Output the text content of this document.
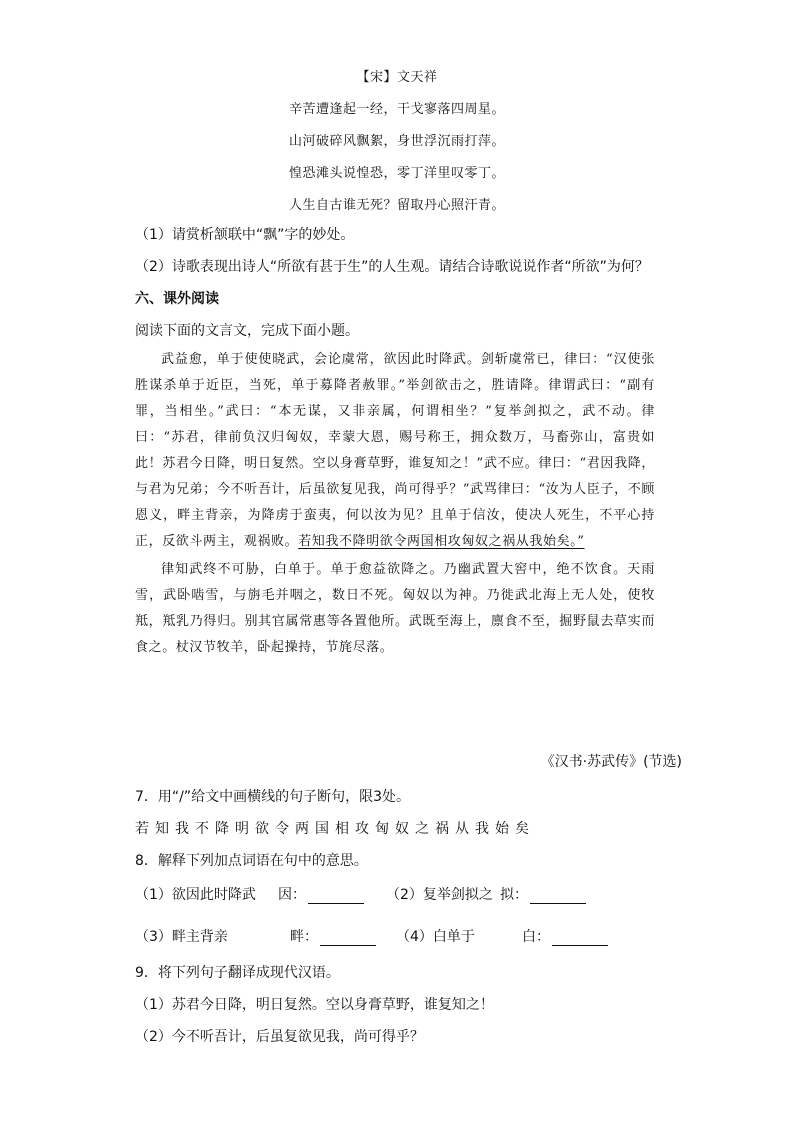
【宋】文天祥
辛苦遭逢起一经，干戈寥落四周星。
山河破碎风飘絮，身世浮沉雨打萍。
惶恐滩头说惶恐，零丁洋里叹零丁。
人生自古谁无死？留取丹心照汗青。
（1）请赏析颔联中“飘”字的妙处。
（2）诗歌表现出诗人“所欲有甚于生”的人生观。请结合诗歌说说作者“所欲”为何？
六、课外阅读
阅读下面的文言文，完成下面小题。

武益愈，单于使使晓武，会论虞常，欲因此时降武。剑斩虞常已，律曰：“汉使张胜谋杀单于近臣，当死，单于募降者赦罪。”举剑欲击之，胜请降。律谓武曰：“副有罪，当相坐。”武曰：“本无谋，又非亲属，何谓相坐？”复举剑拟之，武不动。律曰：“苏君，律前负汉归匈奴，幸蒙大恩，赐号称王，拥众数万，马畜弥山，富贵如此！苏君今日降，明日复然。空以身膏草野，谁复知之！”武不应。律曰：“君因我降，与君为兄弟；今不听吾计，后虽欲复见我，尚可得乎？”武骂律曰：“汝为人臣子，不顾恩义，畔主背亲，为降虏于蛮夷，何以汝为见？且单于信汝，使决人死生，不平心持正，反欲斗两主，观祸败。若知我不降明欲令两国相攻匈奴之祸从我始矣。”

律知武终不可胁，白单于。单于愈益欲降之。乃幽武置大窖中，绝不饮食。天雨雪，武卧啮雪，与旃毛并咽之，数日不死。匈奴以为神。乃徙武北海上无人处，使牧羝，羝乳乃得归。别其官属常惠等各置他所。武既至海上，廪食不至，掘野鼠去草实而食之。杖汉节牧羊，卧起操持，节旄尽落。

《汉书·苏武传》(节选)
7．用“/”给文中画横线的句子断句，限3处。
若知我不降明欲令两国相攻匈奴之祸从我始矣
8．解释下列加点词语在句中的意思。
（1）欲因此时降武 因：	（2）复举剑拟之 拟：
（3）畔主背亲	畔：	（4）白单于	白：
9．将下列句子翻译成现代汉语。
（1）苏君今日降，明日复然。空以身膏草野，谁复知之！
（2）今不听吾计，后虽复欲见我，尚可得乎？
